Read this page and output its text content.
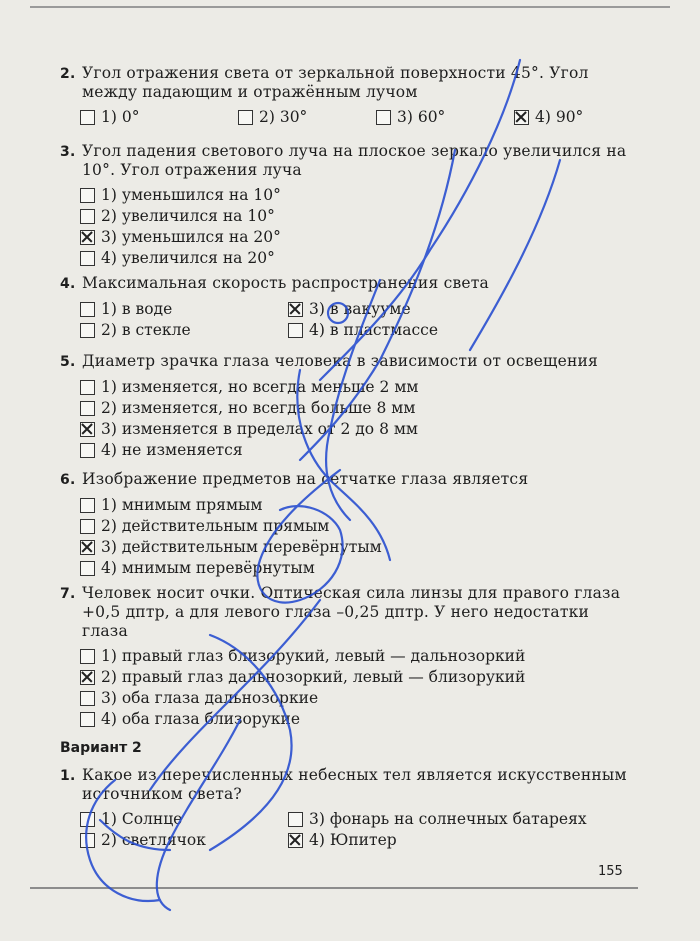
2. Угол отражения света от зеркальной поверхности 45°. Угол между падающим и отражённым лучом
1) 0°	2) 30°	3) 60°	4) 90°
3. Угол падения светового луча на плоское зеркало увеличился на 10°. Угол отражения луча
1) уменьшился на 10°
2) увеличился на 10°
3) уменьшился на 20°
4) увеличился на 20°
4. Максимальная скорость распространения света
1) в воде	3) в вакууме
2) в стекле	4) в пластмассе
5. Диаметр зрачка глаза человека в зависимости от освещения
1) изменяется, но всегда меньше 2 мм
2) изменяется, но всегда больше 8 мм
3) изменяется в пределах от 2 до 8 мм
4) не изменяется
6. Изображение предметов на сетчатке глаза является
1) мнимым прямым
2) действительным прямым
3) действительным перевёрнутым
4) мнимым перевёрнутым
7. Человек носит очки. Оптическая сила линзы для правого глаза +0,5 дптр, а для левого глаза –0,25 дптр. У него недостатки глаза
1) правый глаз близорукий, левый — дальнозоркий
2) правый глаз дальнозоркий, левый — близорукий
3) оба глаза дальнозоркие
4) оба глаза близорукие
Вариант 2
1. Какое из перечисленных небесных тел является искусственным источником света?
1) Солнце	3) фонарь на солнечных батареях
2) светлячок	4) Юпитер
155
